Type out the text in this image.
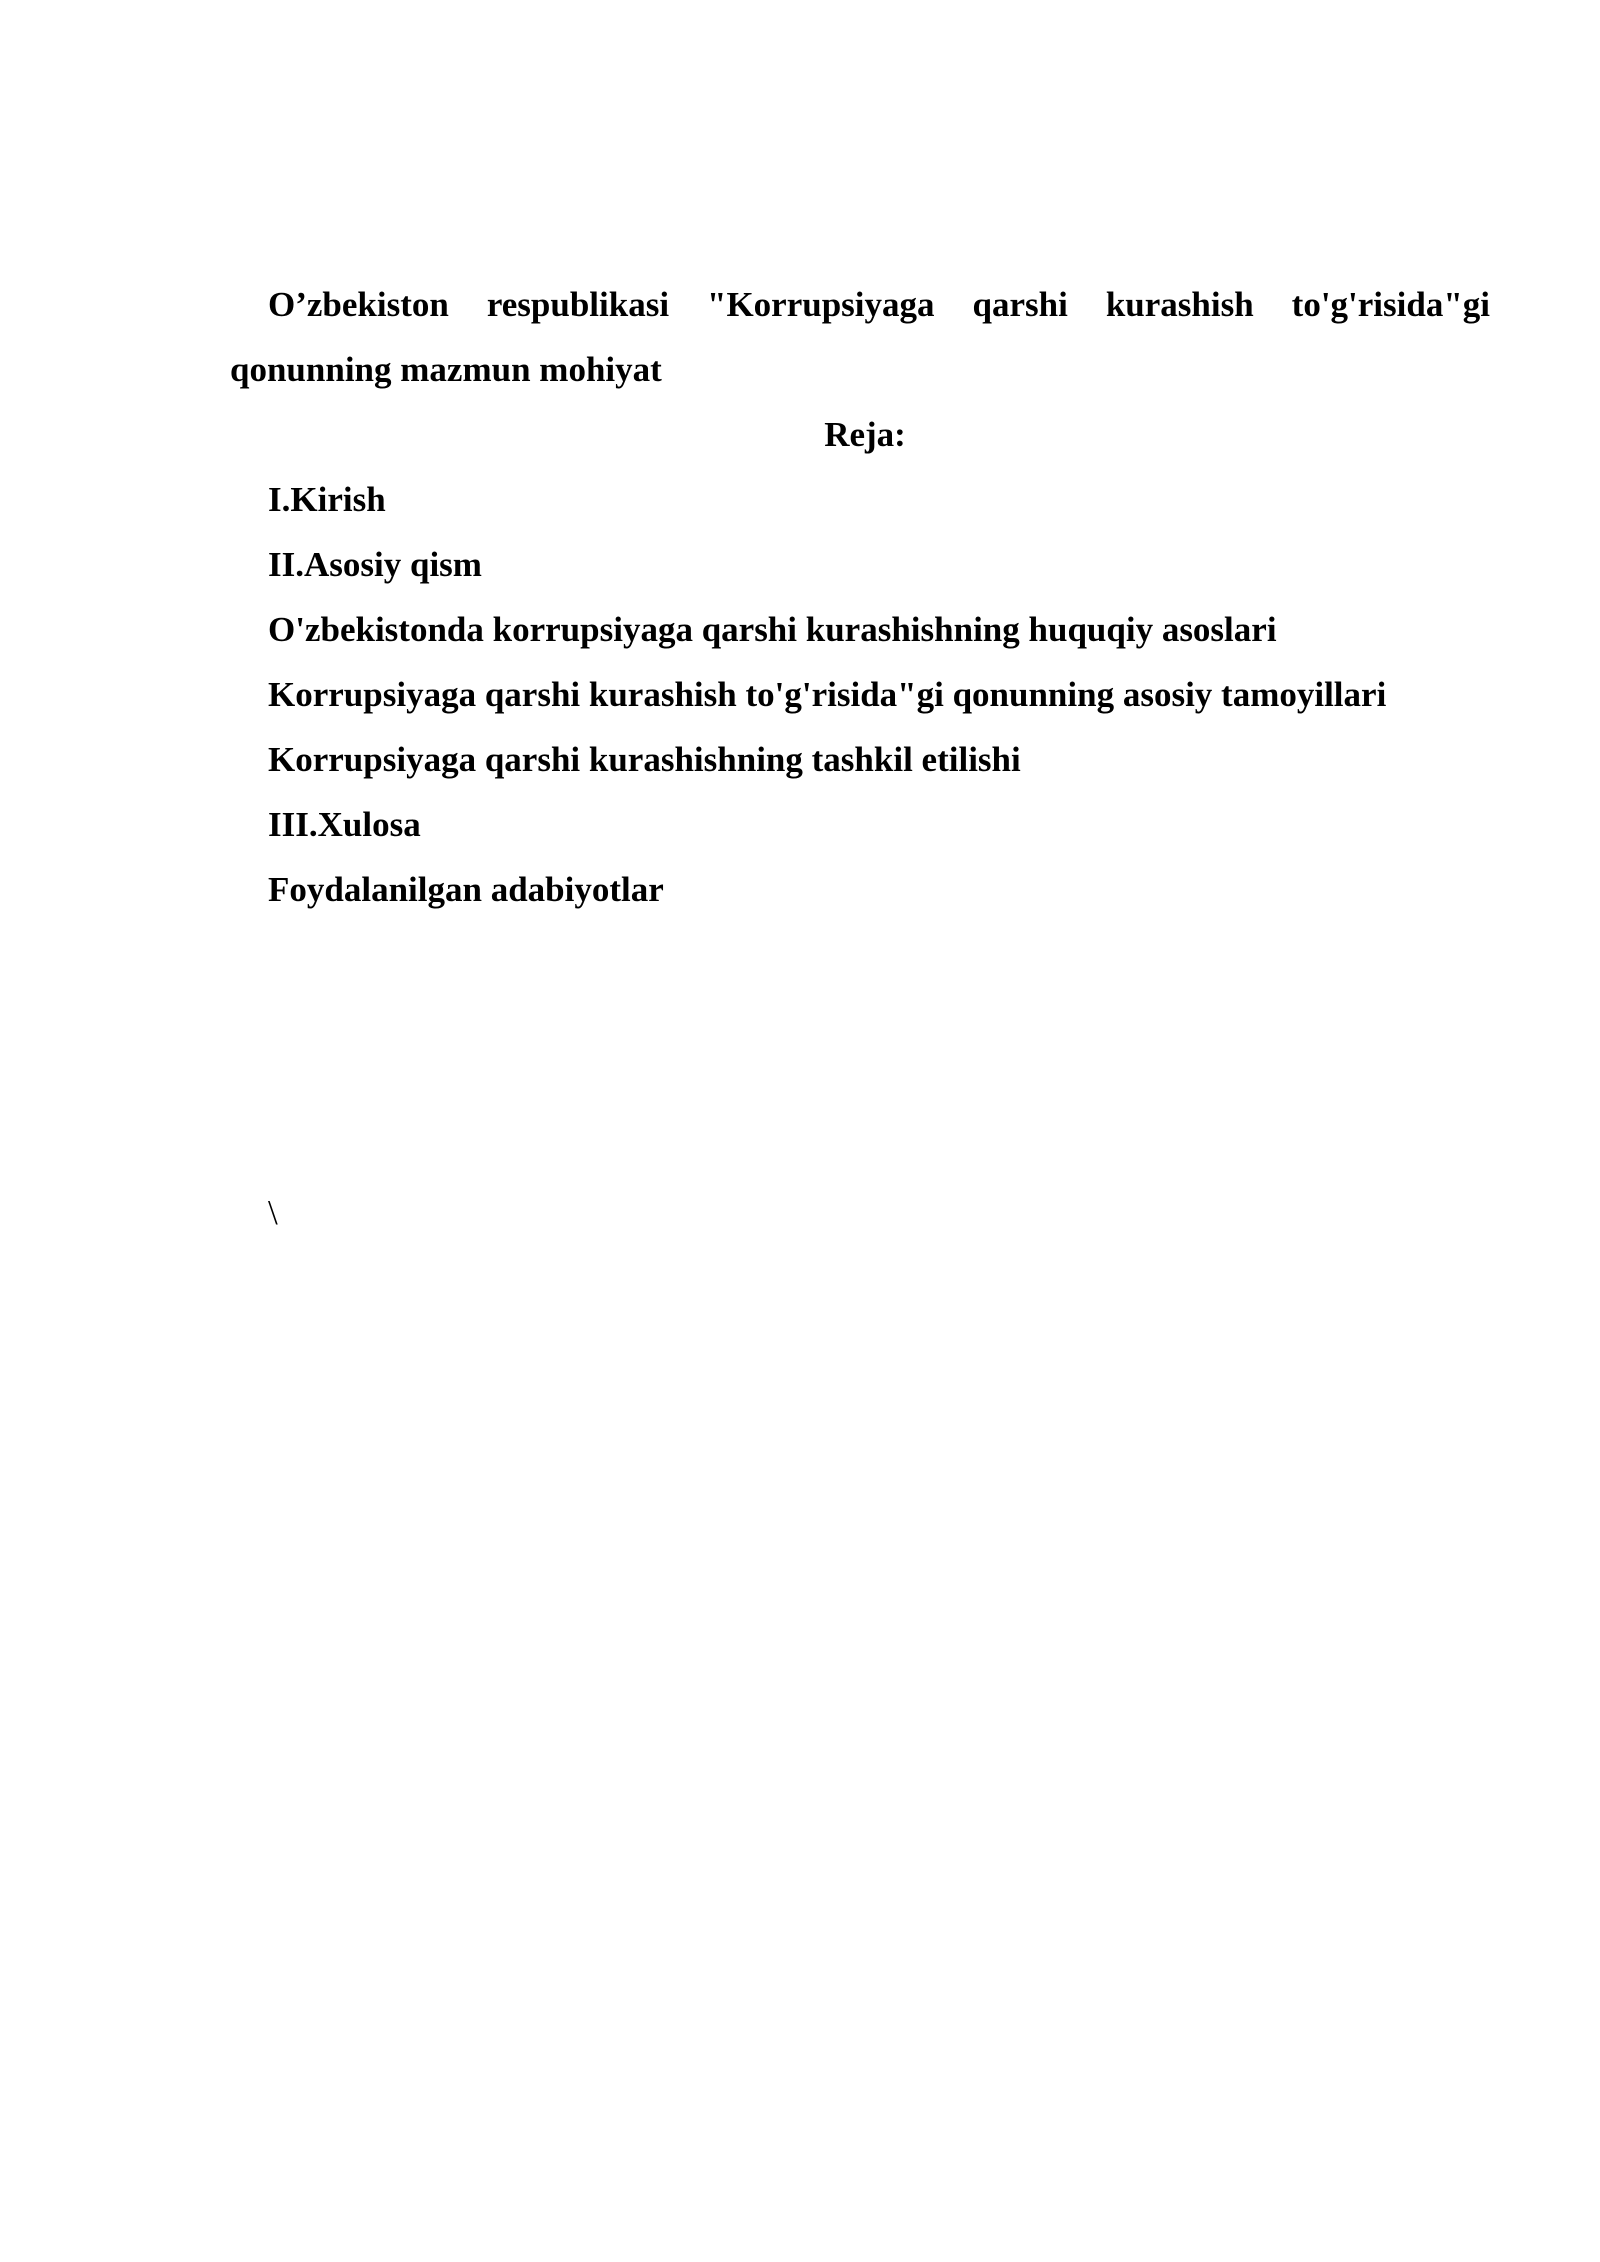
O’zbekiston respublikasi "Korrupsiyaga qarshi kurashish to'g'risida"gi qonunning mazmun mohiyat

Reja:

I.Kirish
II.Asosiy qism
O'zbekistonda korrupsiyaga qarshi kurashishning huquqiy asoslari
Korrupsiyaga qarshi kurashish to'g'risida"gi qonunning asosiy tamoyillari
Korrupsiyaga qarshi kurashishning tashkil etilishi
III.Xulosa
Foydalanilgan adabiyotlar
\
